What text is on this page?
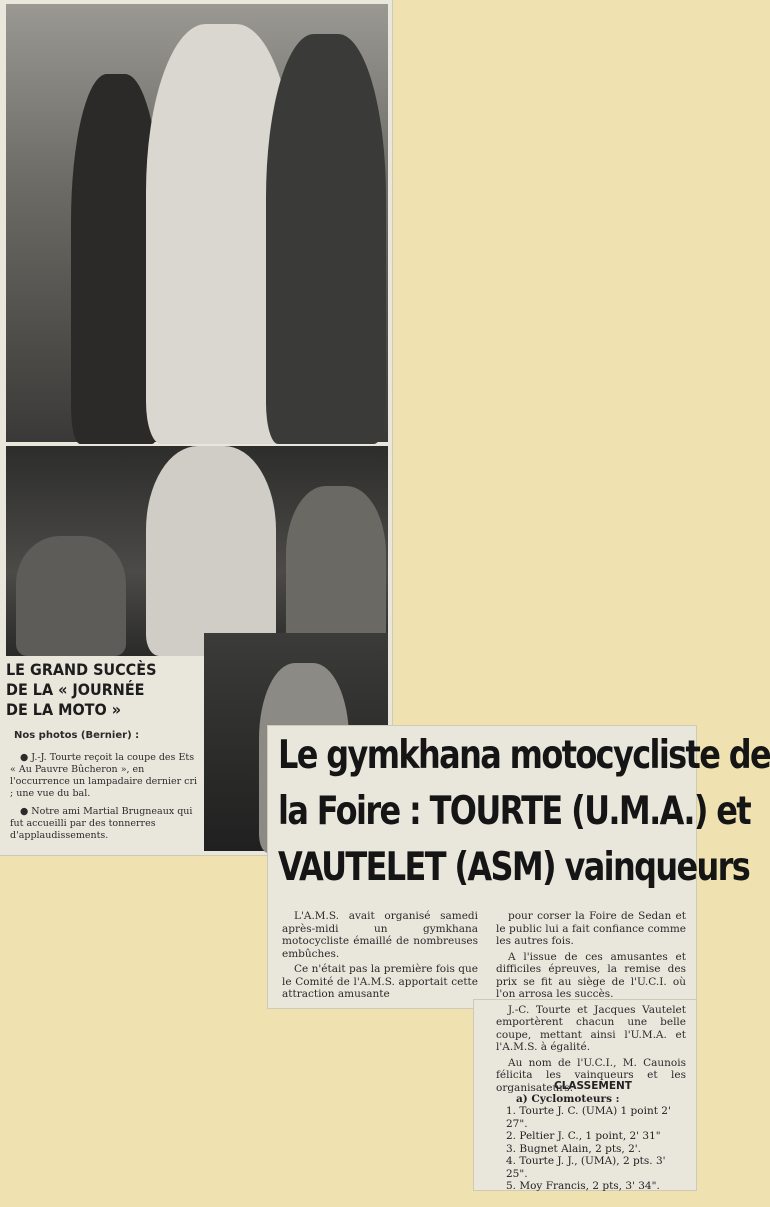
LE GRAND SUCCÈS
DE LA « JOURNÉE
DE LA MOTO »
Nos photos (Bernier) :

● J.-J. Tourte reçoit la coupe des Ets « Au Pauvre Bûcheron », en l'occurrence un lampadaire dernier cri ; une vue du bal.

● Notre ami Martial Brugneaux qui fut accueilli par des tonnerres d'applaudissements.

Le gymkhana motocycliste de
la Foire : TOURTE (U.M.A.) et
VAUTELET (ASM) vainqueurs

L'A.M.S. avait organisé samedi après-midi un gymkhana motocycliste émaillé de nombreuses embûches.

Ce n'était pas la première fois que le Comité de l'A.M.S. apportait cette attraction amusante

pour corser la Foire de Sedan et le public lui a fait confiance comme les autres fois.

A l'issue de ces amusantes et difficiles épreuves, la remise des prix se fit au siège de l'U.C.I. où l'on arrosa les succès.

J.-C. Tourte et Jacques Vautelet emportèrent chacun une belle coupe, mettant ainsi l'U.M.A. et l'A.M.S. à égalité.

Au nom de l'U.C.I., M. Caunois félicita les vainqueurs et les organisateurs.

CLASSEMENT
a) Cyclomoteurs :
1. Tourte J. C. (UMA) 1 point 2' 27".
2. Peltier J. C., 1 point, 2' 31"
3. Bugnet Alain, 2 pts, 2'.
4. Tourte J. J., (UMA), 2 pts. 3' 25".
5. Moy Francis, 2 pts, 3' 34".
